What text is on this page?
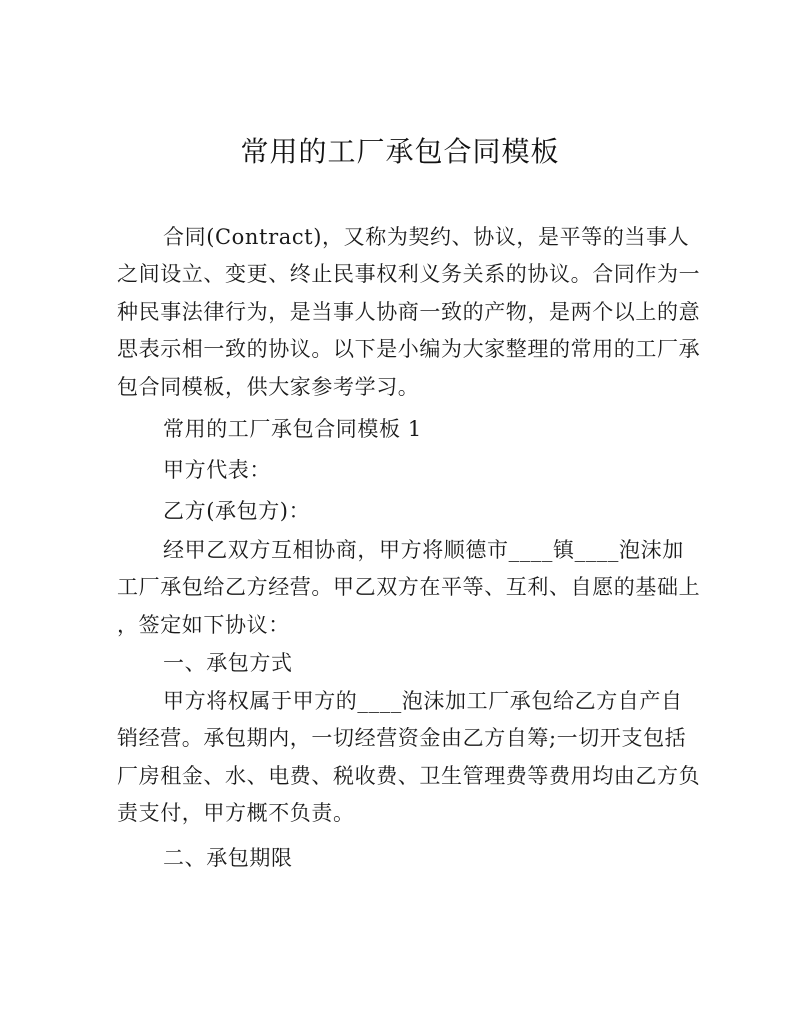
常用的工厂承包合同模板
合同(Contract)，又称为契约、协议，是平等的当事人
之间设立、变更、终止民事权利义务关系的协议。合同作为一
种民事法律行为，是当事人协商一致的产物，是两个以上的意
思表示相一致的协议。以下是小编为大家整理的常用的工厂承
包合同模板，供大家参考学习。
常用的工厂承包合同模板 1
甲方代表：
乙方(承包方)：
经甲乙双方互相协商，甲方将顺德市____镇____泡沫加
工厂承包给乙方经营。甲乙双方在平等、互利、自愿的基础上
，签定如下协议：
一、承包方式
甲方将权属于甲方的____泡沫加工厂承包给乙方自产自
销经营。承包期内，一切经营资金由乙方自筹;一切开支包括
厂房租金、水、电费、税收费、卫生管理费等费用均由乙方负
责支付，甲方概不负责。
二、承包期限
